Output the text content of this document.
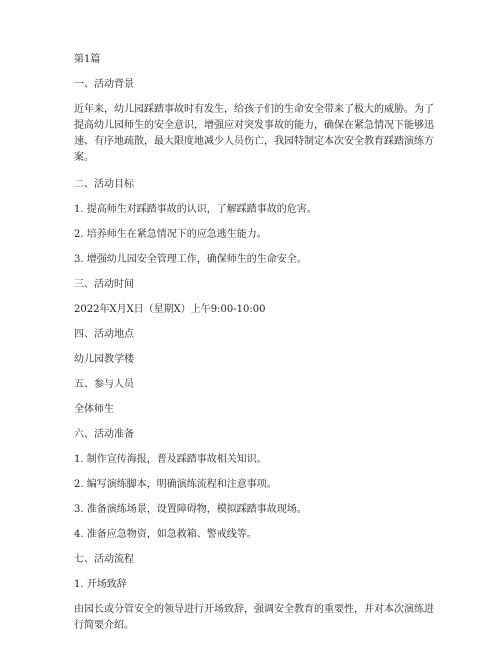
第1篇
一、活动背景
近年来，幼儿园踩踏事故时有发生，给孩子们的生命安全带来了极大的威胁。为了提高幼儿园师生的安全意识，增强应对突发事故的能力，确保在紧急情况下能够迅速、有序地疏散，最大限度地减少人员伤亡，我园特制定本次安全教育踩踏演练方案。
二、活动目标
1. 提高师生对踩踏事故的认识，了解踩踏事故的危害。
2. 培养师生在紧急情况下的应急逃生能力。
3. 增强幼儿园安全管理工作，确保师生的生命安全。
三、活动时间
2022年X月X日（星期X）上午9:00-10:00
四、活动地点
幼儿园教学楼
五、参与人员
全体师生
六、活动准备
1. 制作宣传海报，普及踩踏事故相关知识。
2. 编写演练脚本，明确演练流程和注意事项。
3. 准备演练场景，设置障碍物，模拟踩踏事故现场。
4. 准备应急物资，如急救箱、警戒线等。
七、活动流程
1. 开场致辞
由园长或分管安全的领导进行开场致辞，强调安全教育的重要性，并对本次演练进行简要介绍。
